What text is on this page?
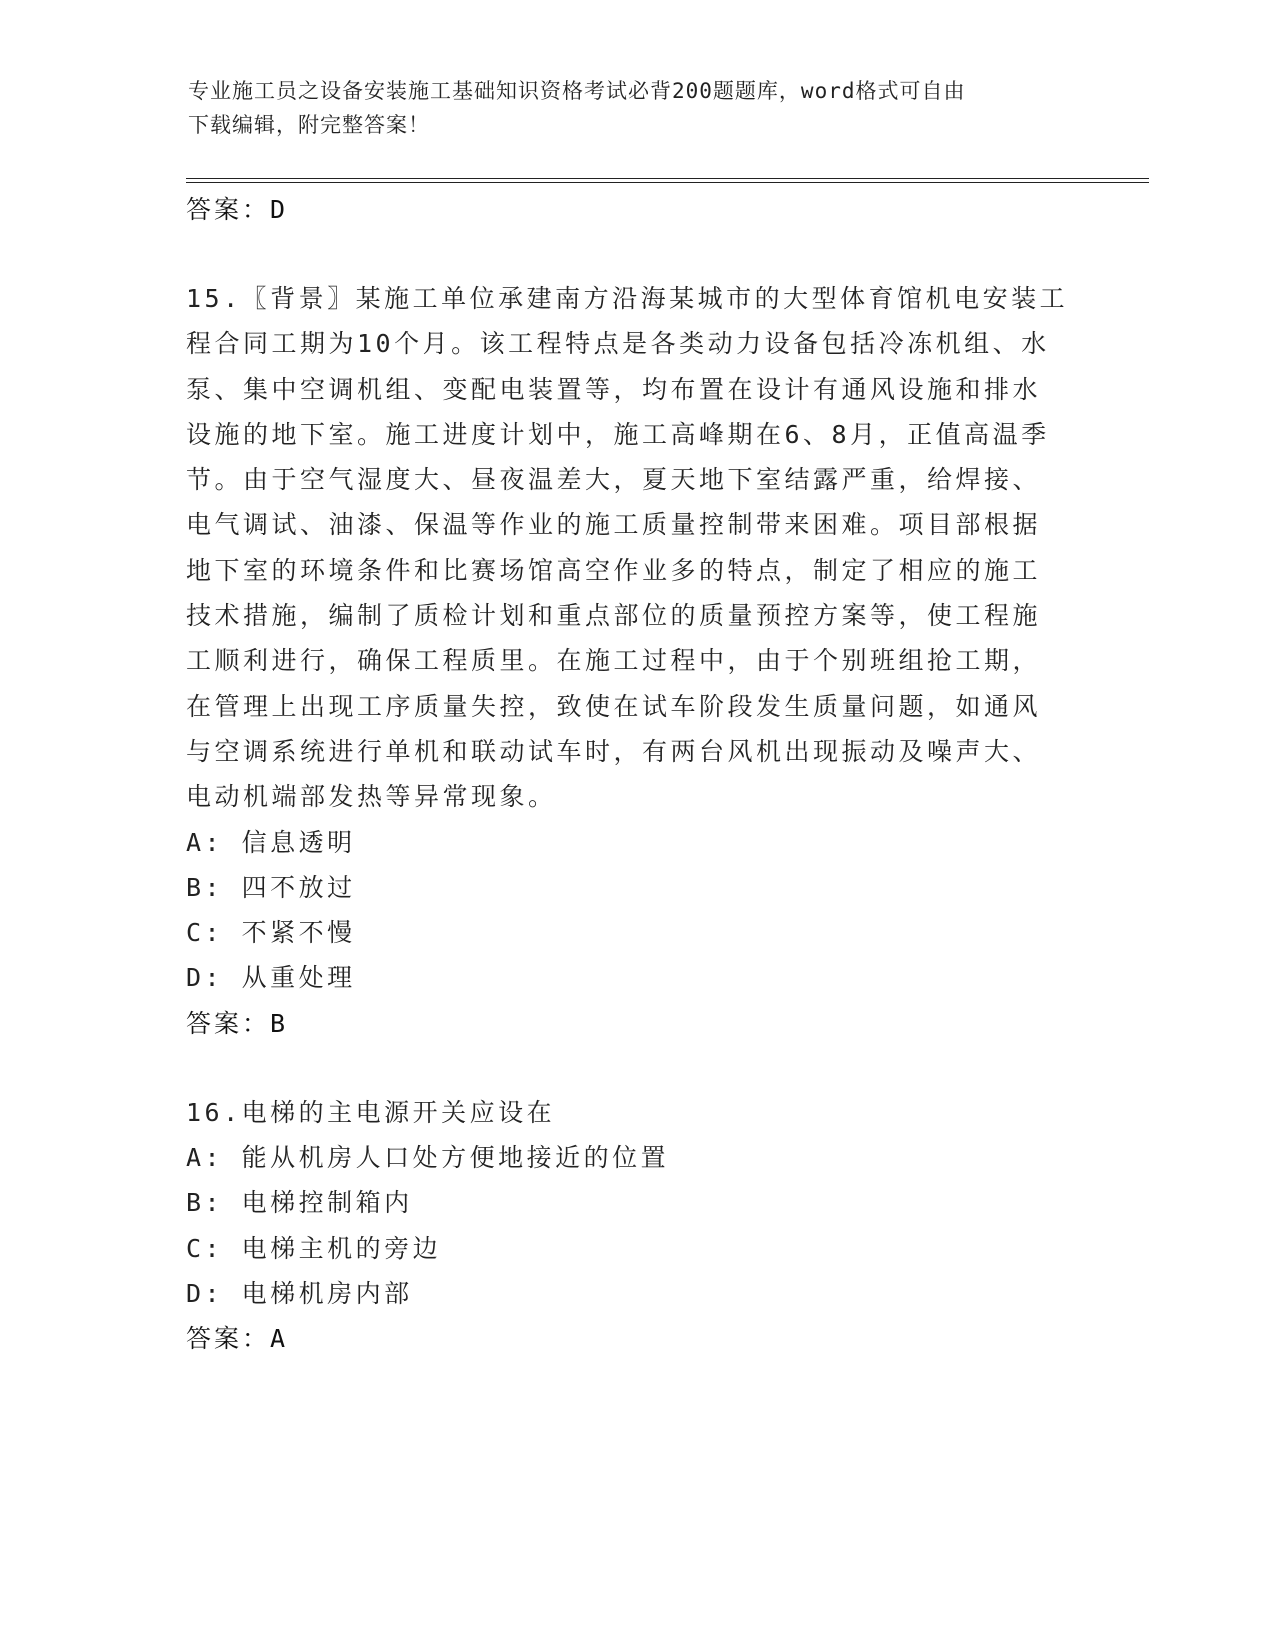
专业施工员之设备安装施工基础知识资格考试必背200题题库，word格式可自由
下载编辑，附完整答案！
答案：D
15.〖背景〗某施工单位承建南方沿海某城市的大型体育馆机电安装工
程合同工期为10个月。该工程特点是各类动力设备包括冷冻机组、水
泵、集中空调机组、变配电装置等，均布置在设计有通风设施和排水
设施的地下室。施工进度计划中，施工高峰期在6、8月，正值高温季
节。由于空气湿度大、昼夜温差大，夏天地下室结露严重，给焊接、
电气调试、油漆、保温等作业的施工质量控制带来困难。项目部根据
地下室的环境条件和比赛场馆高空作业多的特点，制定了相应的施工
技术措施，编制了质检计划和重点部位的质量预控方案等，使工程施
工顺利进行，确保工程质里。在施工过程中，由于个别班组抢工期，
在管理上出现工序质量失控，致使在试车阶段发生质量问题，如通风
与空调系统进行单机和联动试车时，有两台风机出现振动及噪声大、
电动机端部发热等异常现象。
A: 信息透明
B: 四不放过
C: 不紧不慢
D: 从重处理
答案：B
16.电梯的主电源开关应设在
A: 能从机房人口处方便地接近的位置
B: 电梯控制箱内
C: 电梯主机的旁边
D: 电梯机房内部
答案：A
